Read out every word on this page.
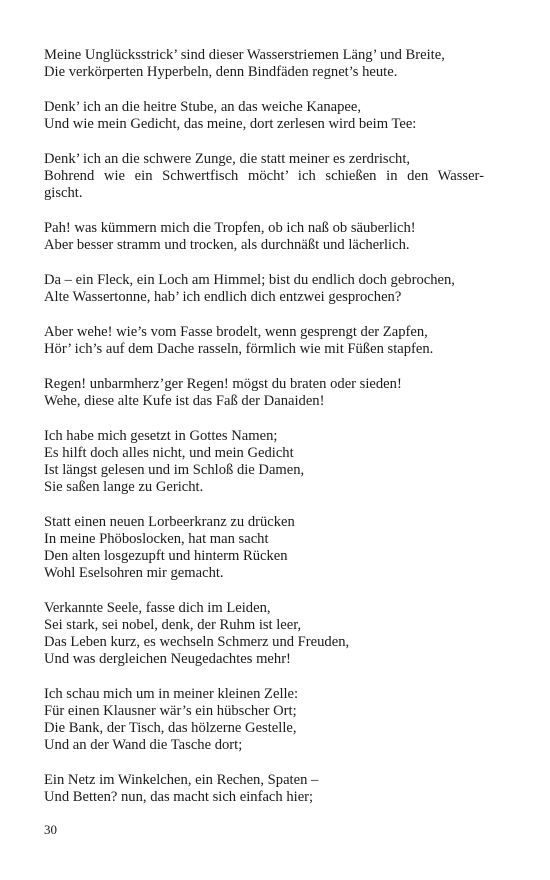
Meine Unglücksstrick’ sind dieser Wasserstriemen Läng’ und Breite,
Die verkörperten Hyperbeln, denn Bindfäden regnet’s heute.
Denk’ ich an die heitre Stube, an das weiche Kanapee,
Und wie mein Gedicht, das meine, dort zerlesen wird beim Tee:
Denk’ ich an die schwere Zunge, die statt meiner es zerdrischt,
Bohrend wie ein Schwertfisch möcht’ ich schießen in den Wasser-
gischt.
Pah! was kümmern mich die Tropfen, ob ich naß ob säuberlich!
Aber besser stramm und trocken, als durchnäßt und lächerlich.
Da – ein Fleck, ein Loch am Himmel; bist du endlich doch gebrochen,
Alte Wassertonne, hab’ ich endlich dich entzwei gesprochen?
Aber wehe! wie’s vom Fasse brodelt, wenn gesprengt der Zapfen,
Hör’ ich’s auf dem Dache rasseln, förmlich wie mit Füßen stapfen.
Regen! unbarmherz’ger Regen! mögst du braten oder sieden!
Wehe, diese alte Kufe ist das Faß der Danaiden!
Ich habe mich gesetzt in Gottes Namen;
Es hilft doch alles nicht, und mein Gedicht
Ist längst gelesen und im Schloß die Damen,
Sie saßen lange zu Gericht.
Statt einen neuen Lorbeerkranz zu drücken
In meine Phöboslocken, hat man sacht
Den alten losgezupft und hinterm Rücken
Wohl Eselsohren mir gemacht.
Verkannte Seele, fasse dich im Leiden,
Sei stark, sei nobel, denk, der Ruhm ist leer,
Das Leben kurz, es wechseln Schmerz und Freuden,
Und was dergleichen Neugedachtes mehr!
Ich schau mich um in meiner kleinen Zelle:
Für einen Klausner wär’s ein hübscher Ort;
Die Bank, der Tisch, das hölzerne Gestelle,
Und an der Wand die Tasche dort;
Ein Netz im Winkelchen, ein Rechen, Spaten –
Und Betten? nun, das macht sich einfach hier;
30
